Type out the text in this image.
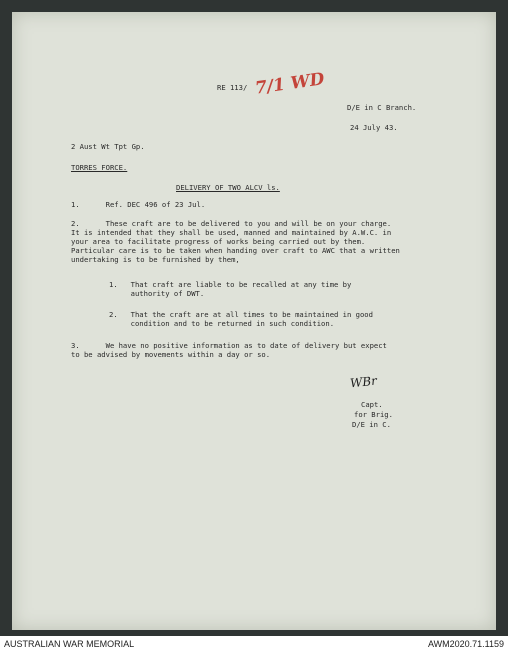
RE 113/ 7/1 WD
D/E in C Branch.
24 July 43.
2 Aust Wt Tpt Gp.
TORRES FORCE.
DELIVERY OF TWO ALCV ls.
1.      Ref. DEC 496 of 23 Jul.
2.      These craft are to be delivered to you and will be on your charge.
It is intended that they shall be used, manned and maintained by A.W.C. in
your area to facilitate progress of works being carried out by them.
Particular care is to be taken when handing over craft to AWC that a written
undertaking is to be furnished by them,
1.   That craft are liable to be recalled at any time by
authority of DWT.
2.   That the craft are at all times to be maintained in good
condition and to be returned in such condition.
3.      We have no positive information as to date of delivery but expect
to be advised by movements within a day or so.
WBr
Capt.
for Brig.
D/E in C.
AUSTRALIAN WAR MEMORIAL	AWM2020.71.1159
